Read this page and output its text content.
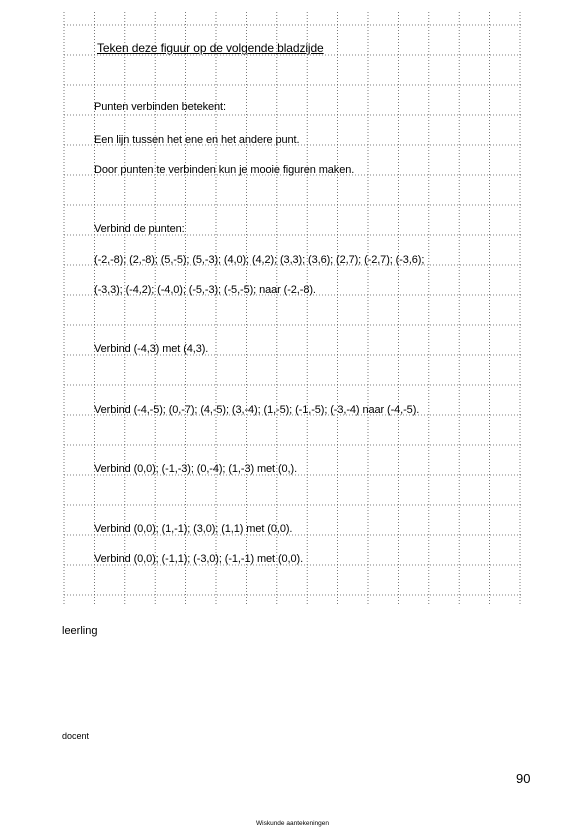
Teken deze figuur op de volgende bladzijde
Punten verbinden betekent:
Een lijn tussen het ene en het andere punt.
Door punten te verbinden kun je mooie figuren maken.
Verbind de punten:
(-2,-8); (2,-8); (5,-5); (5,-3); (4,0); (4,2); (3,3); (3,6); (2,7); (-2,7); (-3,6);
(-3,3); (-4,2); (-4,0); (-5,-3); (-5,-5); naar (-2,-8).
Verbind (-4,3) met (4,3).
Verbind (-4,-5); (0,-7); (4,-5); (3,-4); (1,-5); (-1,-5); (-3,-4) naar (-4,-5).
Verbind (0,0); (-1,-3); (0,-4); (1,-3) met (0,).
Verbind (0,0); (1,-1); (3,0); (1,1) met (0,0).
Verbind (0,0); (-1,1); (-3,0); (-1,-1) met (0,0).
leerling
docent
90
Wiskunde aantekeningen
